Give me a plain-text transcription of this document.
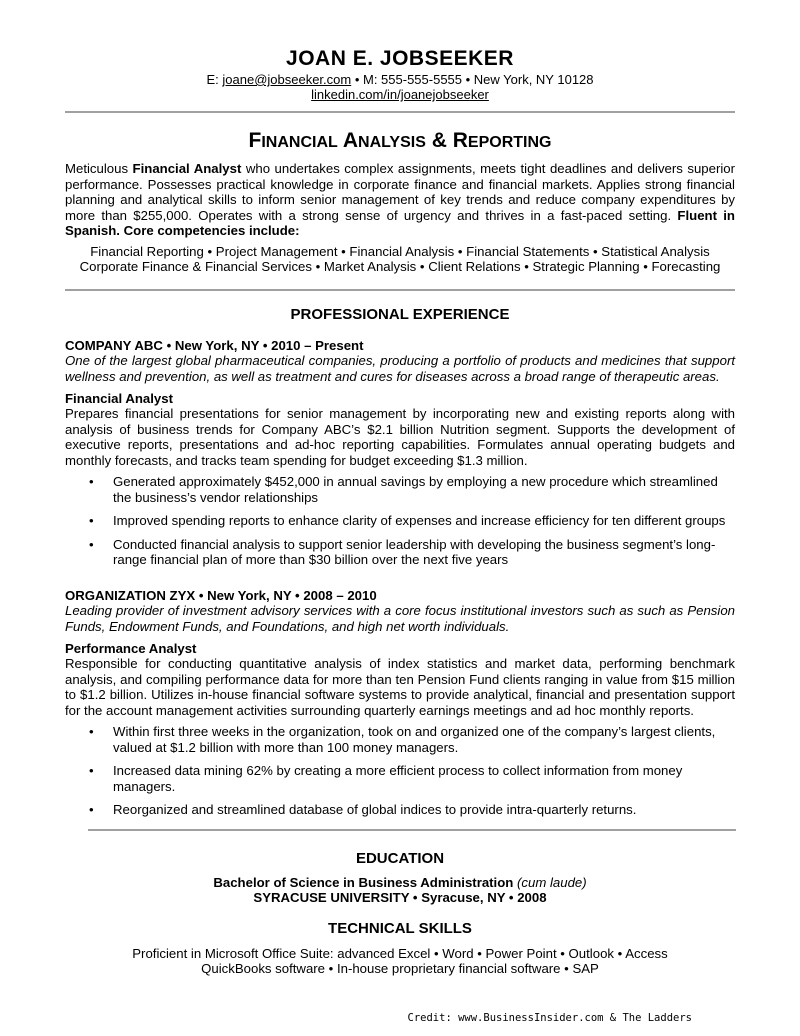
JOAN E. JOBSEEKER
E: joane@jobseeker.com • M: 555-555-5555 • New York, NY 10128
linkedin.com/in/joanejobseeker
FINANCIAL ANALYSIS & REPORTING
Meticulous Financial Analyst who undertakes complex assignments, meets tight deadlines and delivers superior performance. Possesses practical knowledge in corporate finance and financial markets. Applies strong financial planning and analytical skills to inform senior management of key trends and reduce company expenditures by more than $255,000. Operates with a strong sense of urgency and thrives in a fast-paced setting. Fluent in Spanish. Core competencies include:
Financial Reporting • Project Management • Financial Analysis • Financial Statements • Statistical Analysis
Corporate Finance & Financial Services • Market Analysis • Client Relations • Strategic Planning • Forecasting
PROFESSIONAL EXPERIENCE
COMPANY ABC • New York, NY • 2010 – Present
One of the largest global pharmaceutical companies, producing a portfolio of products and medicines that support wellness and prevention, as well as treatment and cures for diseases across a broad range of therapeutic areas.
Financial Analyst
Prepares financial presentations for senior management by incorporating new and existing reports along with analysis of business trends for Company ABC’s $2.1 billion Nutrition segment. Supports the development of executive reports, presentations and ad-hoc reporting capabilities. Formulates annual operating budgets and monthly forecasts, and tracks team spending for budget exceeding $1.3 million.
• Generated approximately $452,000 in annual savings by employing a new procedure which streamlined the business’s vendor relationships
• Improved spending reports to enhance clarity of expenses and increase efficiency for ten different groups
• Conducted financial analysis to support senior leadership with developing the business segment’s long-range financial plan of more than $30 billion over the next five years
ORGANIZATION ZYX • New York, NY • 2008 – 2010
Leading provider of investment advisory services with a core focus institutional investors such as such as Pension Funds, Endowment Funds, and Foundations, and high net worth individuals.
Performance Analyst
Responsible for conducting quantitative analysis of index statistics and market data, performing benchmark analysis, and compiling performance data for more than ten Pension Fund clients ranging in value from $15 million to $1.2 billion. Utilizes in-house financial software systems to provide analytical, financial and presentation support for the account management activities surrounding quarterly earnings meetings and ad hoc monthly reports.
• Within first three weeks in the organization, took on and organized one of the company’s largest clients, valued at $1.2 billion with more than 100 money managers.
• Increased data mining 62% by creating a more efficient process to collect information from money managers.
• Reorganized and streamlined database of global indices to provide intra-quarterly returns.
EDUCATION
Bachelor of Science in Business Administration (cum laude)
SYRACUSE UNIVERSITY • Syracuse, NY • 2008
TECHNICAL SKILLS
Proficient in Microsoft Office Suite: advanced Excel • Word • Power Point • Outlook • Access
QuickBooks software • In-house proprietary financial software • SAP
Credit: www.BusinessInsider.com & The Ladders
